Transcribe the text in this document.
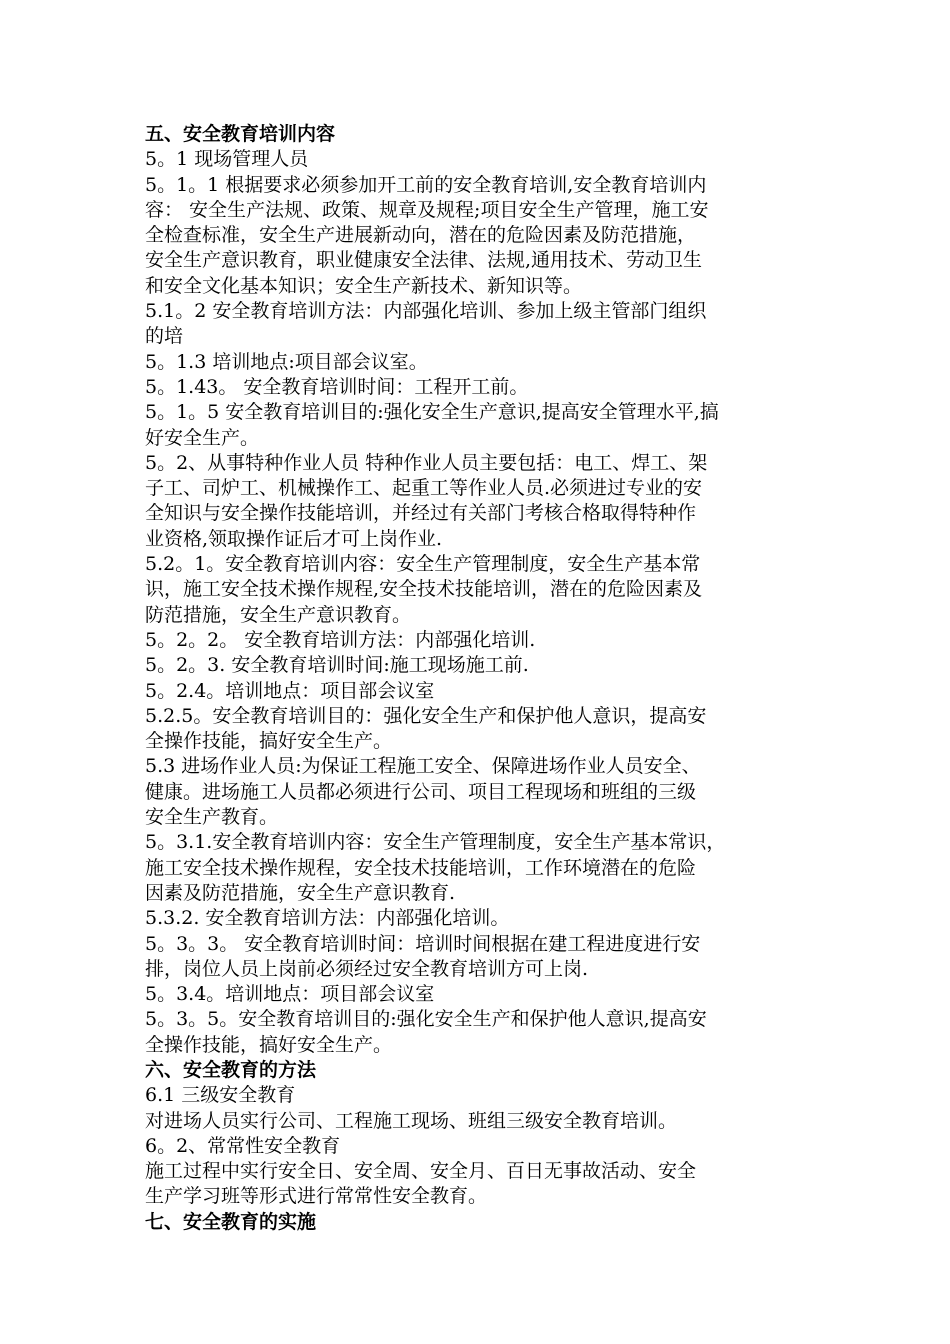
五、安全教育培训内容
5。1 现场管理人员
5。1。1 根据要求必须参加开工前的安全教育培训,安全教育培训内
容： 安全生产法规、政策、规章及规程;项目安全生产管理，施工安
全检查标准，安全生产进展新动向，潜在的危险因素及防范措施，
安全生产意识教育，职业健康安全法律、法规,通用技术、劳动卫生
和安全文化基本知识；安全生产新技术、新知识等。
5.1。2 安全教育培训方法：内部强化培训、参加上级主管部门组织
的培
5。1.3 培训地点:项目部会议室。
5。1.43。 安全教育培训时间：工程开工前。
5。1。5 安全教育培训目的:强化安全生产意识,提高安全管理水平,搞
好安全生产。
5。2、从事特种作业人员 特种作业人员主要包括：电工、焊工、架
子工、司炉工、机械操作工、起重工等作业人员.必须进过专业的安
全知识与安全操作技能培训，并经过有关部门考核合格取得特种作
业资格,领取操作证后才可上岗作业.
5.2。1。安全教育培训内容：安全生产管理制度，安全生产基本常
识，施工安全技术操作规程,安全技术技能培训，潜在的危险因素及
防范措施，安全生产意识教育。
5。2。2。 安全教育培训方法：内部强化培训.
5。2。3. 安全教育培训时间:施工现场施工前.
5。2.4。培训地点：项目部会议室
5.2.5。安全教育培训目的：强化安全生产和保护他人意识，提高安
全操作技能，搞好安全生产。
5.3 进场作业人员:为保证工程施工安全、保障进场作业人员安全、
健康。进场施工人员都必须进行公司、项目工程现场和班组的三级
安全生产教育。
5。3.1.安全教育培训内容：安全生产管理制度，安全生产基本常识，
施工安全技术操作规程，安全技术技能培训，工作环境潜在的危险
因素及防范措施，安全生产意识教育.
5.3.2. 安全教育培训方法：内部强化培训。
5。3。3。 安全教育培训时间：培训时间根据在建工程进度进行安
排，岗位人员上岗前必须经过安全教育培训方可上岗.
5。3.4。培训地点：项目部会议室
5。3。5。安全教育培训目的:强化安全生产和保护他人意识,提高安
全操作技能，搞好安全生产。
六、安全教育的方法
6.1 三级安全教育
对进场人员实行公司、工程施工现场、班组三级安全教育培训。
6。2、常常性安全教育
施工过程中实行安全日、安全周、安全月、百日无事故活动、安全
生产学习班等形式进行常常性安全教育。
七、安全教育的实施
